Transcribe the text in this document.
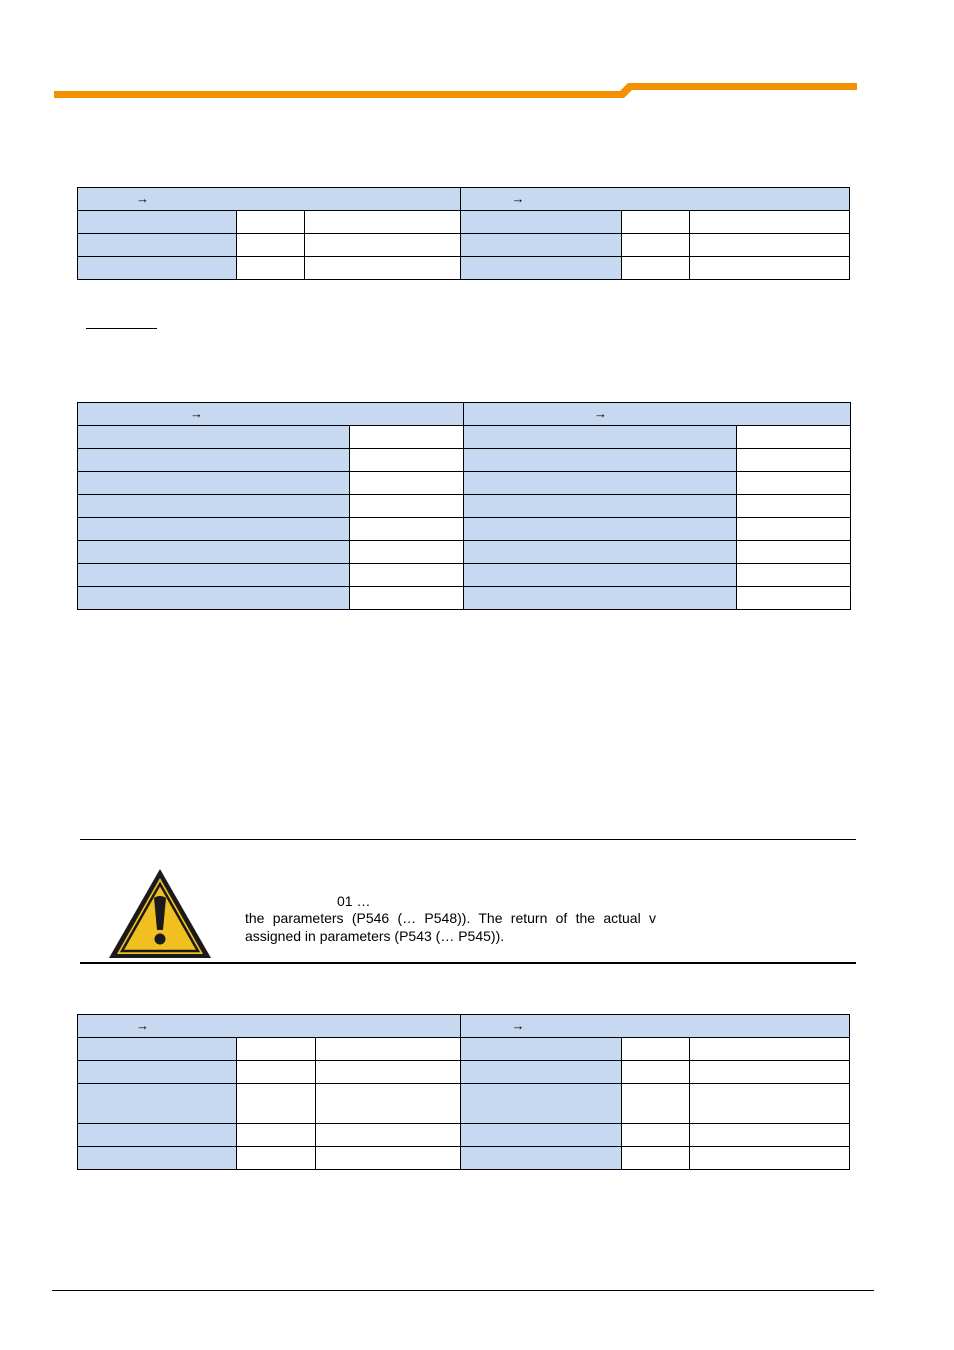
→			→		

→		→	

01 …
the parameters (P546 (… P548)). The return of the actual v
assigned in parameters (P543 (… P545)).
→			→		
